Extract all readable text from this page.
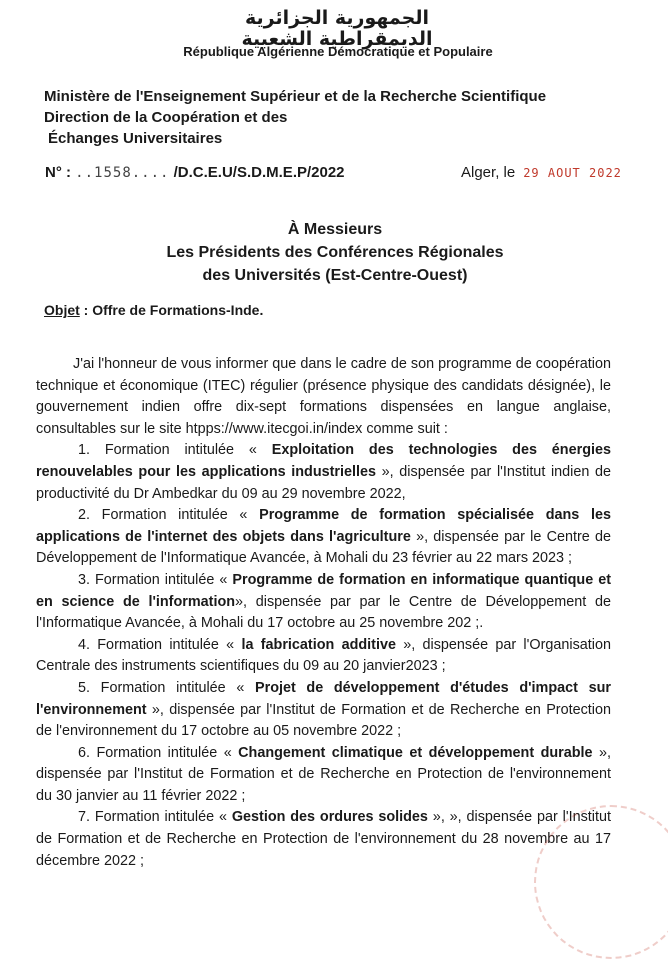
الجمهورية الجزائرية الديمقراطية الشعبية
République Algérienne Démocratique et Populaire
Ministère de l'Enseignement Supérieur et de la Recherche Scientifique
Direction de la Coopération et des
Échanges Universitaires
N° : ..1558.... /D.C.E.U/S.D.M.E.P/2022	Alger, le 29 AOUT 2022
À Messieurs
Les Présidents des Conférences Régionales
des Universités (Est-Centre-Ouest)
Objet : Offre de Formations-Inde.

J'ai l'honneur de vous informer que dans le cadre de son programme de coopération technique et économique (ITEC) régulier (présence physique des candidats désignée), le gouvernement indien offre dix-sept formations dispensées en langue anglaise, consultables sur le site htpps://www.itecgoi.in/index comme suit :

1. Formation intitulée « Exploitation des technologies des énergies renouvelables pour les applications industrielles », dispensée par l'Institut indien de productivité du Dr Ambedkar du 09 au 29 novembre 2022,

2. Formation intitulée « Programme de formation spécialisée dans les applications de l'internet des objets dans l'agriculture », dispensée par le Centre de Développement de l'Informatique Avancée, à Mohali du 23 février au 22 mars 2023 ;

3. Formation intitulée « Programme de formation en informatique quantique et en science de l'information», dispensée par par le Centre de Développement de l'Informatique Avancée, à Mohali du 17 octobre au 25 novembre 202 ;.

4. Formation intitulée « la fabrication additive », dispensée par l'Organisation Centrale des instruments scientifiques du 09 au 20 janvier2023 ;

5. Formation intitulée « Projet de développement d'études d'impact sur l'environnement », dispensée par l'Institut de Formation et de Recherche en Protection de l'environnement du 17 octobre au 05 novembre 2022 ;

6. Formation intitulée « Changement climatique et développement durable », dispensée par l'Institut de Formation et de Recherche en Protection de l'environnement du 30 janvier au 11 février 2022 ;

7. Formation intitulée « Gestion des ordures solides », », dispensée par l'Institut de Formation et de Recherche en Protection de l'environnement du 28 novembre au 17 décembre 2022 ;
